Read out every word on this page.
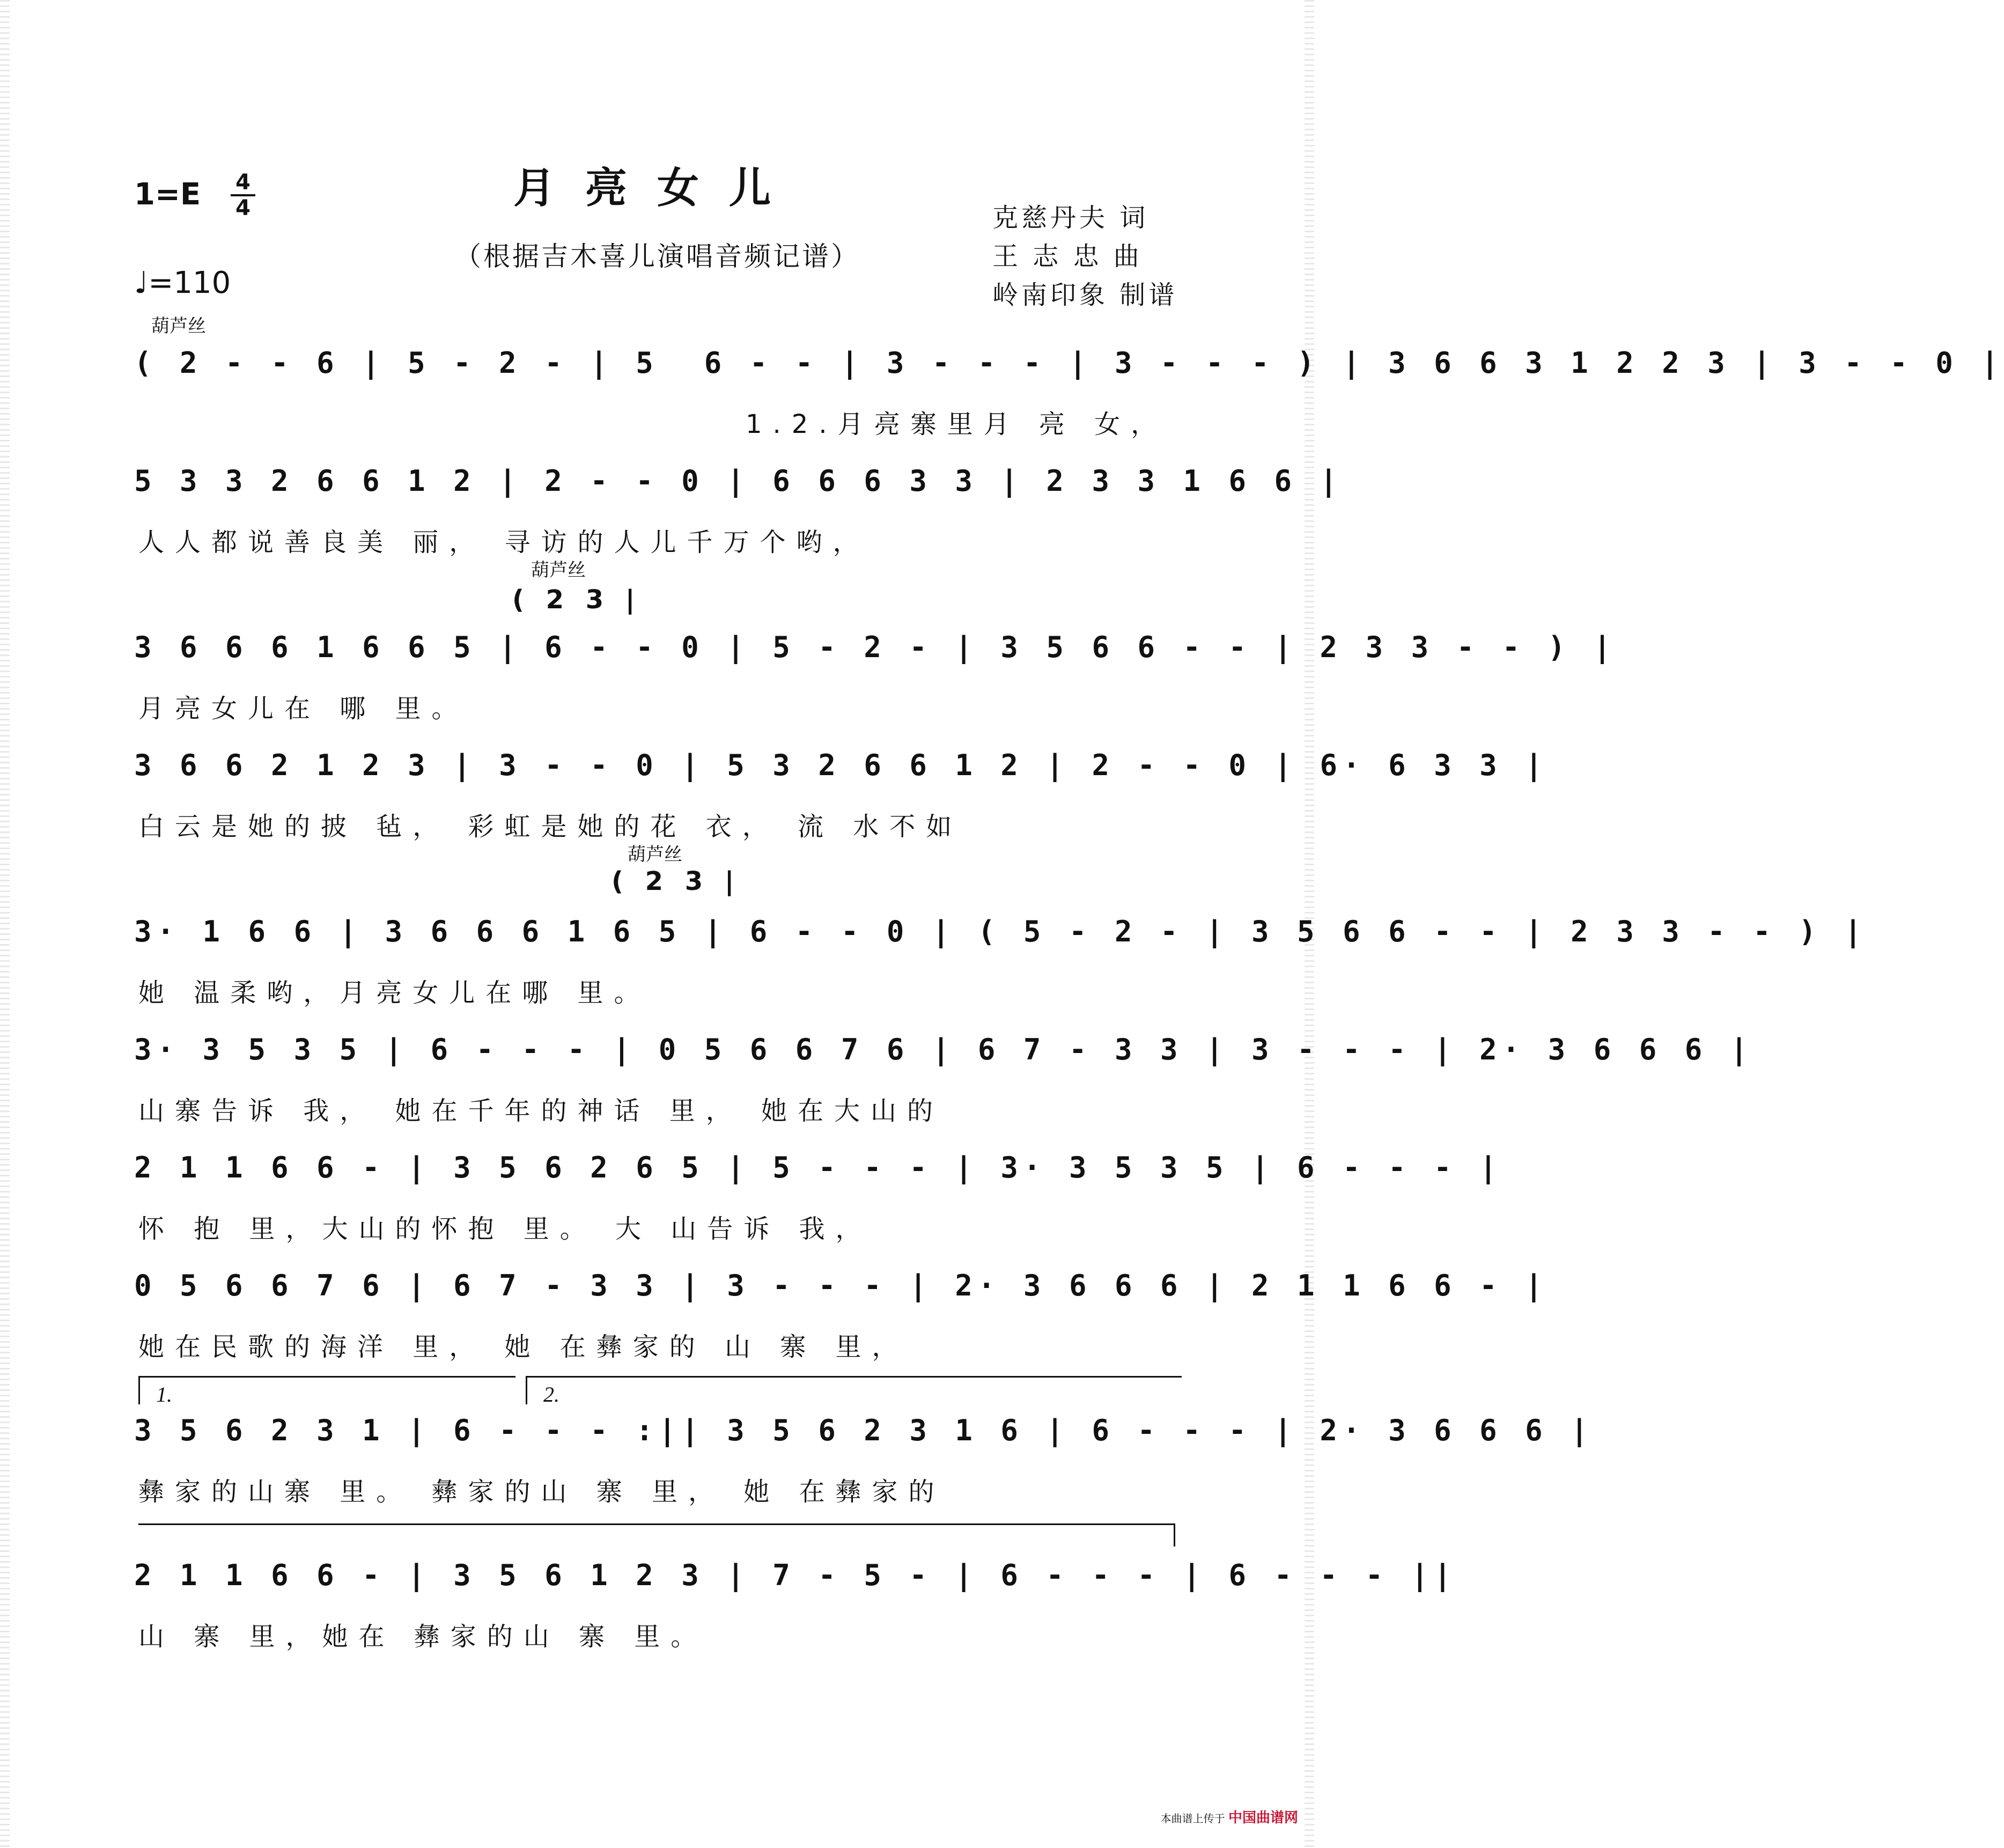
月亮女儿
（根据吉木喜儿演唱音频记谱）
1=E 4
4
♩=110
克慈丹夫 词
王 志 忠 曲
岭南印象 制谱
葫芦丝
( 2 - - 6 | 5 - 2 - | 5  6 - - | 3 - - - | 3 - - - ) | 3 6 6 3 1 2 2 3 | 3 - - 0 |
1.2.月亮寨里月 亮 女，
5 3 3 2 6 6 1 2 | 2 - - 0 | 6 6 6 3 3 | 2 3 3 1 6 6 |
人人都说善良美 丽， 寻访的人儿千万个哟，
葫芦丝
( 2 3 |
3 6 6 6 1 6 6 5 | 6 - - 0 | 5 - 2 - | 3 5 6 6 - - | 2 3 3 - - ) |
月亮女儿在 哪 里。
3 6 6 2 1 2 3 | 3 - - 0 | 5 3 2 6 6 1 2 | 2 - - 0 | 6· 6 3 3 |
白云是她的披 毡， 彩虹是她的花 衣， 流 水不如
葫芦丝
( 2 3 |
3· 1 6 6 | 3 6 6 6 1 6 5 | 6 - - 0 | ( 5 - 2 - | 3 5 6 6 - - | 2 3 3 - - ) |
她 温柔哟，月亮女儿在哪 里。
3· 3 5 3 5 | 6 - - - | 0 5 6 6 7 6 | 6 7 - 3 3 | 3 - - - | 2· 3 6 6 6 |
山寨告诉 我， 她在千年的神话 里， 她在大山的
2 1 1 6 6 - | 3 5 6 2 6 5 | 5 - - - | 3· 3 5 3 5 | 6 - - - |
怀 抱 里，大山的怀抱 里。 大 山告诉 我，
0 5 6 6 7 6 | 6 7 - 3 3 | 3 - - - | 2· 3 6 6 6 | 2 1 1 6 6 - |
她在民歌的海洋 里， 她 在彝家的 山 寨 里，
1.	2.
3 5 6 2 3 1 | 6 - - - :|| 3 5 6 2 3 1 6 | 6 - - - | 2· 3 6 6 6 |
彝家的山寨 里。 彝家的山 寨 里， 她 在彝家的
2 1 1 6 6 - | 3 5 6 1 2 3 | 7 - 5 - | 6 - - - | 6 - - - ||
山 寨 里，她在 彝家的山 寨 里。
本曲谱上传于 中国曲谱网
